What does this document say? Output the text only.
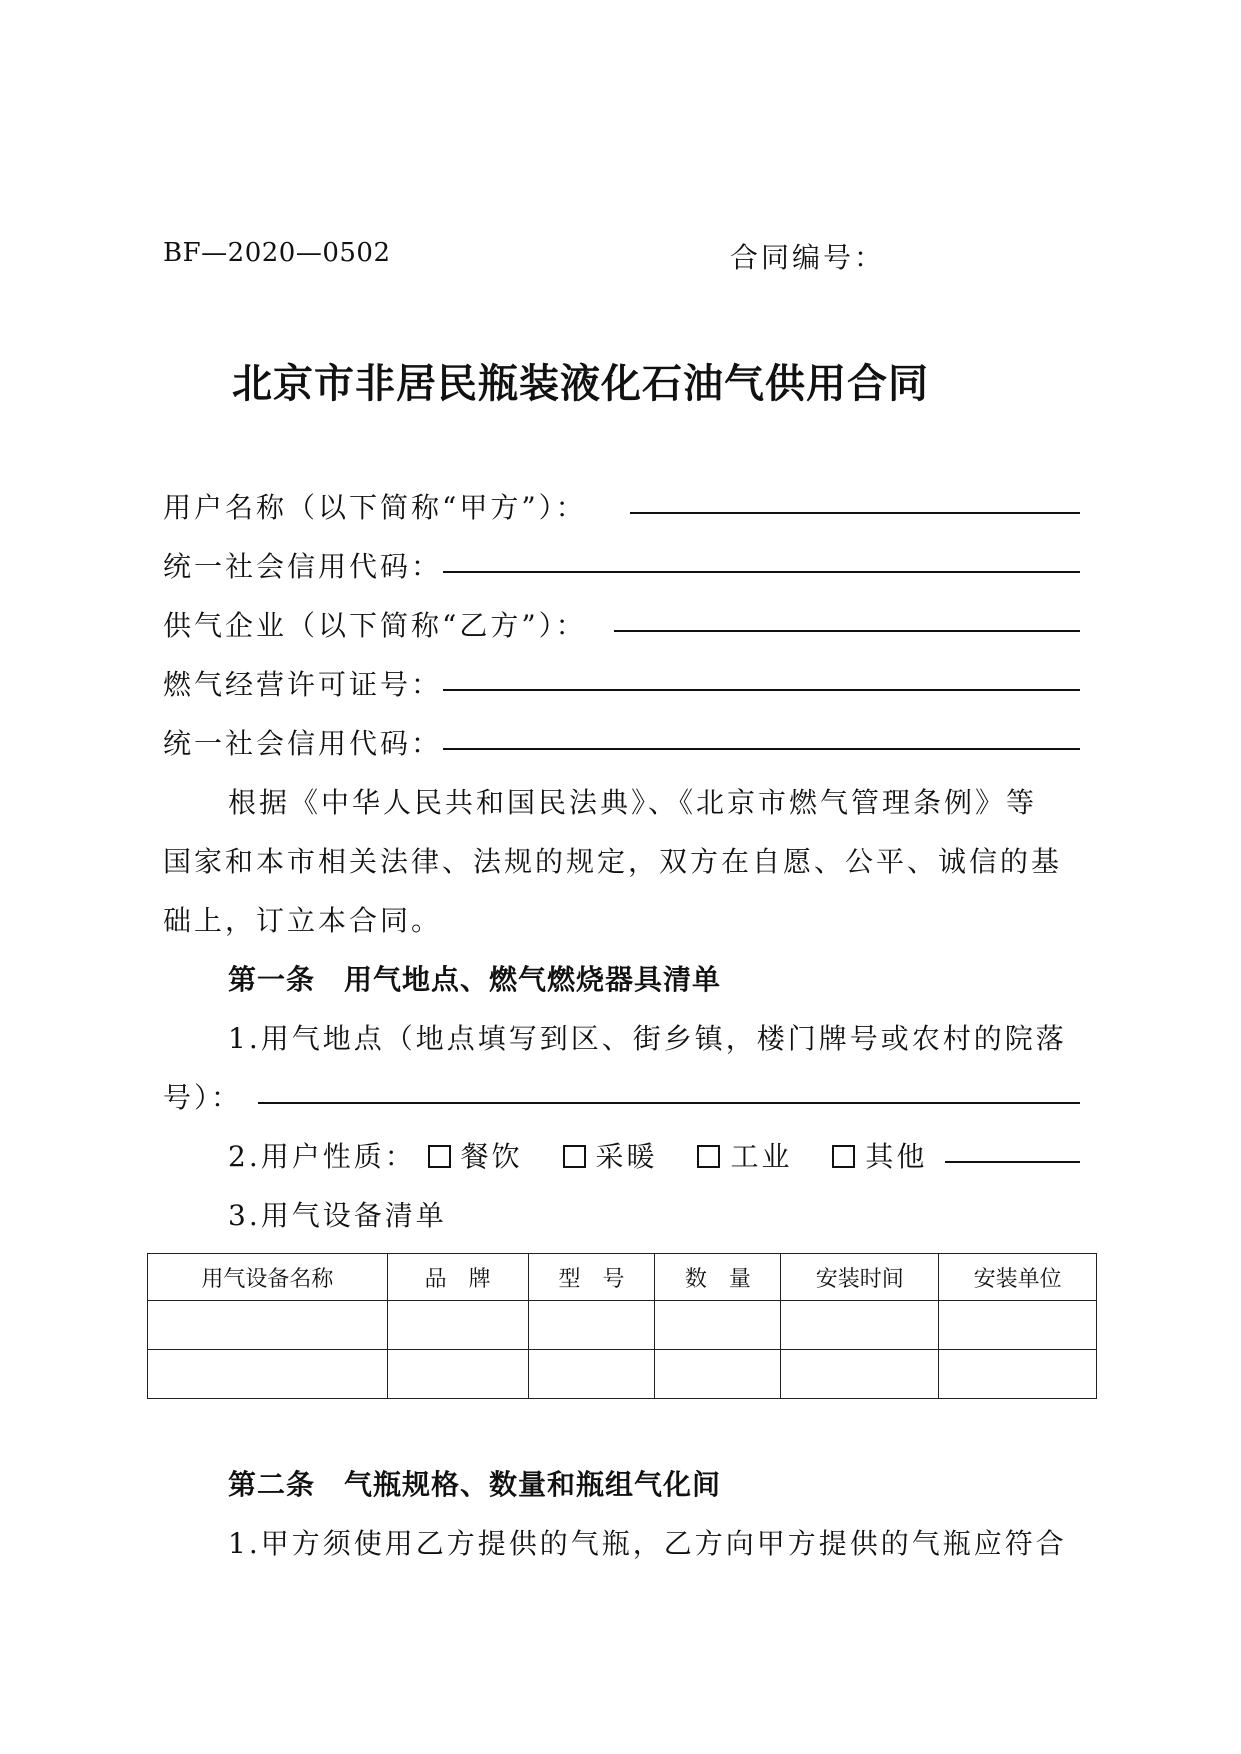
BF—2020—0502	合同编号：
北京市非居民瓶装液化石油气供用合同
用户名称（以下简称“甲方”）：
统一社会信用代码：
供气企业（以下简称“乙方”）：
燃气经营许可证号：
统一社会信用代码：
根据《中华人民共和国民法典》、《北京市燃气管理条例》等
国家和本市相关法律、法规的规定，双方在自愿、公平、诚信的基
础上，订立本合同。
第一条　用气地点、燃气燃烧器具清单
1.用气地点（地点填写到区、街乡镇，楼门牌号或农村的院落
号）：
2.用户性质： 餐饮	采暖	工业	其他
3.用气设备清单
用气设备名称	品　牌	型　号	数　量	安装时间	安装单位

第二条　气瓶规格、数量和瓶组气化间
1.甲方须使用乙方提供的气瓶，乙方向甲方提供的气瓶应符合
